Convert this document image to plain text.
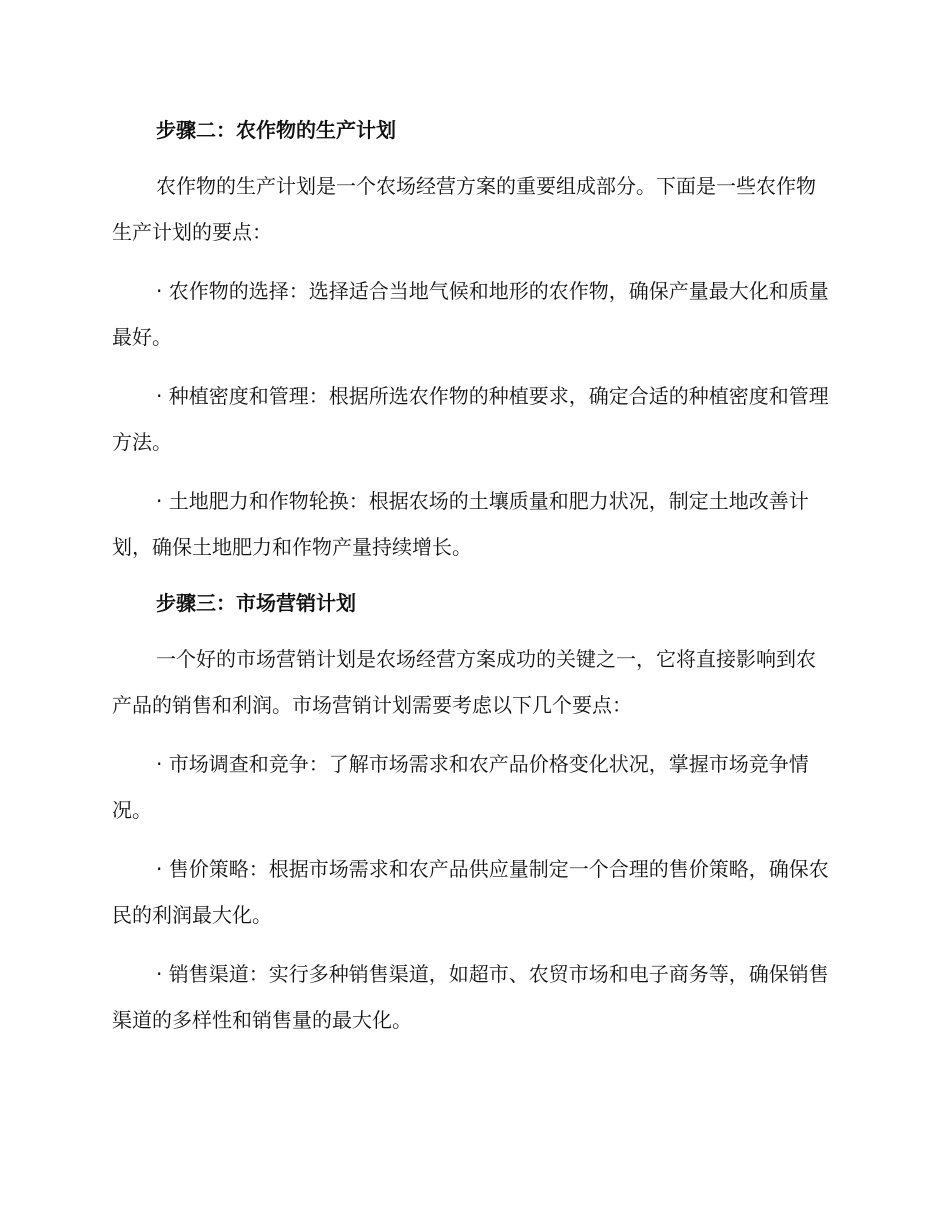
步骤二：农作物的生产计划

农作物的生产计划是一个农场经营方案的重要组成部分。下面是一些农作物生产计划的要点：

· 农作物的选择：选择适合当地气候和地形的农作物，确保产量最大化和质量最好。

· 种植密度和管理：根据所选农作物的种植要求，确定合适的种植密度和管理方法。

· 土地肥力和作物轮换：根据农场的土壤质量和肥力状况，制定土地改善计划，确保土地肥力和作物产量持续增长。

步骤三：市场营销计划

一个好的市场营销计划是农场经营方案成功的关键之一，它将直接影响到农产品的销售和利润。市场营销计划需要考虑以下几个要点：

· 市场调查和竞争：了解市场需求和农产品价格变化状况，掌握市场竞争情况。

· 售价策略：根据市场需求和农产品供应量制定一个合理的售价策略，确保农民的利润最大化。

· 销售渠道：实行多种销售渠道，如超市、农贸市场和电子商务等，确保销售渠道的多样性和销售量的最大化。
